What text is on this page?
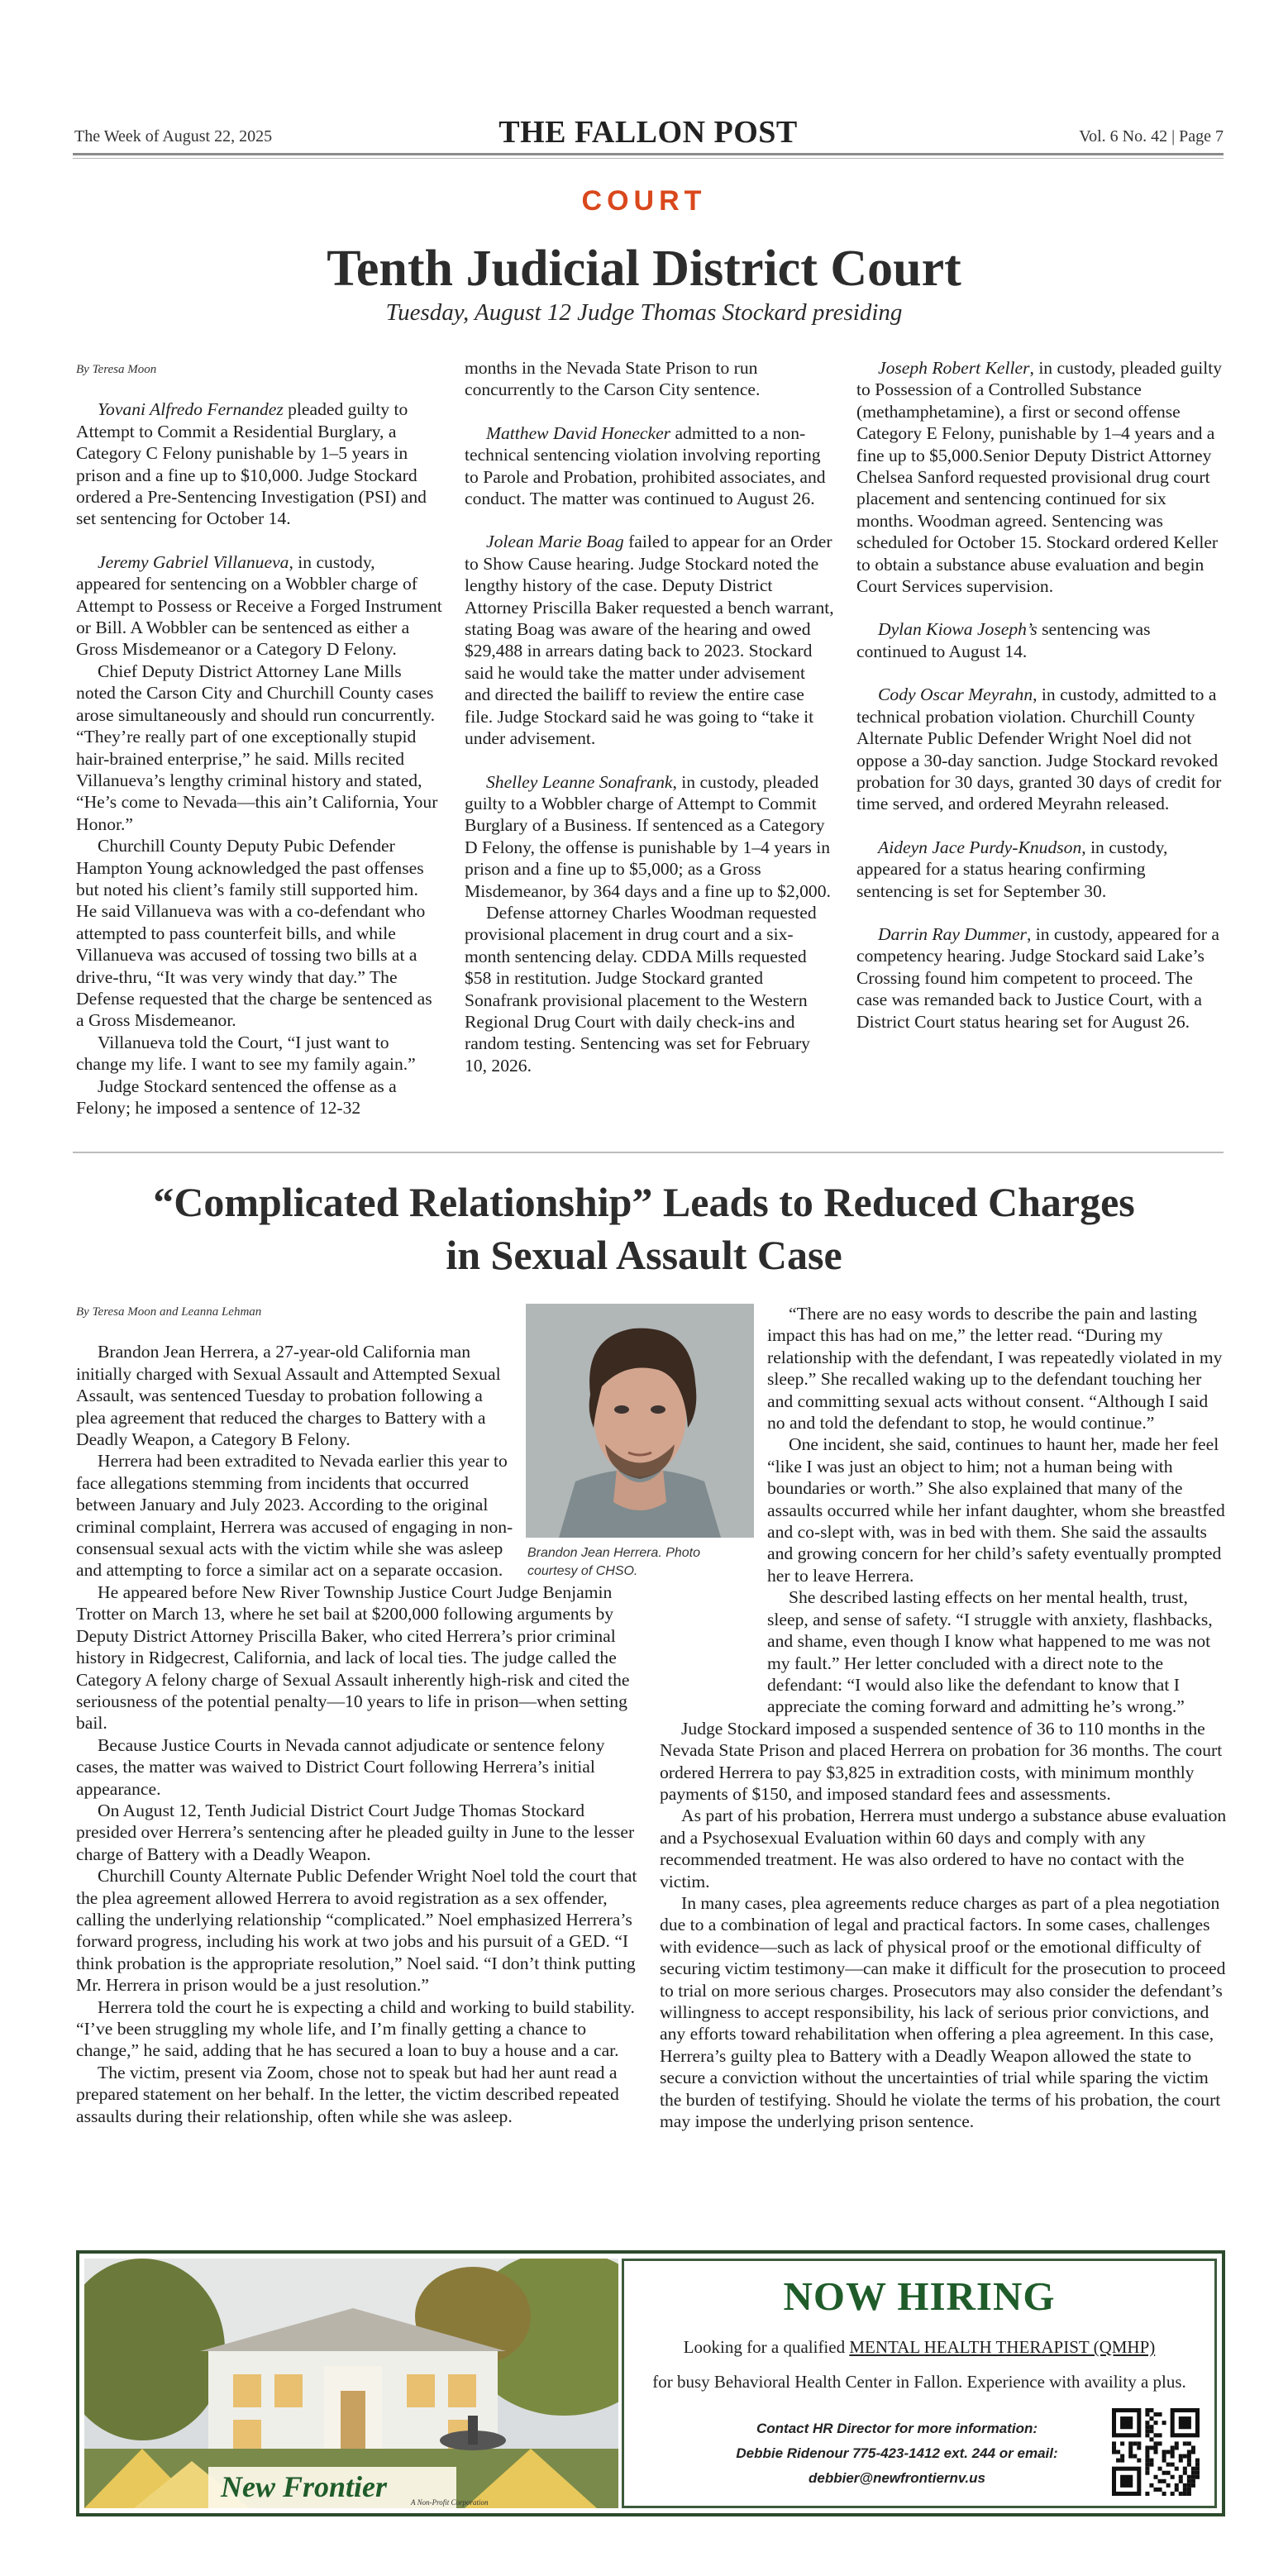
The Week of August 22, 2025	THE FALLON POST	Vol. 6 No. 42 | Page 7
COURT
Tenth Judicial District Court
Tuesday, August 12 Judge Thomas Stockard presiding
By Teresa Moon

Yovani Alfredo Fernandez pleaded guilty to Attempt to Commit a Residential Burglary, a Category C Felony punishable by 1–5 years in prison and a fine up to $10,000. Judge Stockard ordered a Pre-Sentencing Investigation (PSI) and set sentencing for October 14.

Jeremy Gabriel Villanueva, in custody, appeared for sentencing on a Wobbler charge of Attempt to Possess or Receive a Forged Instrument or Bill. A Wobbler can be sentenced as either a Gross Misdemeanor or a Category D Felony.

Chief Deputy District Attorney Lane Mills noted the Carson City and Churchill County cases arose simultaneously and should run concurrently. “They’re really part of one exceptionally stupid hair-brained enterprise,” he said. Mills recited Villanueva’s lengthy criminal history and stated, “He’s come to Nevada—this ain’t California, Your Honor.”

Churchill County Deputy Pubic Defender Hampton Young acknowledged the past offenses but noted his client’s family still supported him. He said Villanueva was with a co-defendant who attempted to pass counterfeit bills, and while Villanueva was accused of tossing two bills at a drive-thru, “It was very windy that day.” The Defense requested that the charge be sentenced as a Gross Misdemeanor.

Villanueva told the Court, “I just want to change my life. I want to see my family again.”

Judge Stockard sentenced the offense as a Felony; he imposed a sentence of 12-32

months in the Nevada State Prison to run concurrently to the Carson City sentence.

Matthew David Honecker admitted to a non-technical sentencing violation involving reporting to Parole and Probation, prohibited associates, and conduct. The matter was continued to August 26.

Jolean Marie Boag failed to appear for an Order to Show Cause hearing. Judge Stockard noted the lengthy history of the case. Deputy District Attorney Priscilla Baker requested a bench warrant, stating Boag was aware of the hearing and owed $29,488 in arrears dating back to 2023. Stockard said he would take the matter under advisement and directed the bailiff to review the entire case file. Judge Stockard said he was going to “take it under advisement.

Shelley Leanne Sonafrank, in custody, pleaded guilty to a Wobbler charge of Attempt to Commit Burglary of a Business. If sentenced as a Category D Felony, the offense is punishable by 1–4 years in prison and a fine up to $5,000; as a Gross Misdemeanor, by 364 days and a fine up to $2,000.

Defense attorney Charles Woodman requested provisional placement in drug court and a six-month sentencing delay. CDDA Mills requested $58 in restitution. Judge Stockard granted Sonafrank provisional placement to the Western Regional Drug Court with daily check-ins and random testing. Sentencing was set for February 10, 2026.

Joseph Robert Keller, in custody, pleaded guilty to Possession of a Controlled Substance (methamphetamine), a first or second offense Category E Felony, punishable by 1–4 years and a fine up to $5,000.Senior Deputy District Attorney Chelsea Sanford requested provisional drug court placement and sentencing continued for six months. Woodman agreed. Sentencing was scheduled for October 15. Stockard ordered Keller to obtain a substance abuse evaluation and begin Court Services supervision.

Dylan Kiowa Joseph’s sentencing was continued to August 14.

Cody Oscar Meyrahn, in custody, admitted to a technical probation violation. Churchill County Alternate Public Defender Wright Noel did not oppose a 30-day sanction. Judge Stockard revoked probation for 30 days, granted 30 days of credit for time served, and ordered Meyrahn released.

Aideyn Jace Purdy-Knudson, in custody, appeared for a status hearing confirming sentencing is set for September 30.

Darrin Ray Dummer, in custody, appeared for a competency hearing. Judge Stockard said Lake’s Crossing found him competent to proceed. The case was remanded back to Justice Court, with a District Court status hearing set for August 26.

“Complicated Relationship” Leads to Reduced Charges
in Sexual Assault Case
By Teresa Moon and Leanna Lehman

Brandon Jean Herrera, a 27-year-old California man initially charged with Sexual Assault and Attempted Sexual Assault, was sentenced Tuesday to probation following a plea agreement that reduced the charges to Battery with a Deadly Weapon, a Category B Felony.

Herrera had been extradited to Nevada earlier this year to face allegations stemming from incidents that occurred between January and July 2023. According to the original criminal complaint, Herrera was accused of engaging in non-consensual sexual acts with the victim while she was asleep and attempting to force a similar act on a separate occasion.

He appeared before New River Township Justice Court Judge Benjamin Trotter on March 13, where he set bail at $200,000 following arguments by Deputy District Attorney Priscilla Baker, who cited Herrera’s prior criminal history in Ridgecrest, California, and lack of local ties. The judge called the Category A felony charge of Sexual Assault inherently high-risk and cited the seriousness of the potential penalty—10 years to life in prison—when setting bail.

Because Justice Courts in Nevada cannot adjudicate or sentence felony cases, the matter was waived to District Court following Herrera’s initial appearance.

On August 12, Tenth Judicial District Court Judge Thomas Stockard presided over Herrera’s sentencing after he pleaded guilty in June to the lesser charge of Battery with a Deadly Weapon.

Churchill County Alternate Public Defender Wright Noel told the court that the plea agreement allowed Herrera to avoid registration as a sex offender, calling the underlying relationship “complicated.” Noel emphasized Herrera’s forward progress, including his work at two jobs and his pursuit of a GED. “I think probation is the appropriate resolution,” Noel said. “I don’t think putting Mr. Herrera in prison would be a just resolution.”

Herrera told the court he is expecting a child and working to build stability. “I’ve been struggling my whole life, and I’m finally getting a chance to change,” he said, adding that he has secured a loan to buy a house and a car.

The victim, present via Zoom, chose not to speak but had her aunt read a prepared statement on her behalf. In the letter, the victim described repeated assaults during their relationship, often while she was asleep.

Brandon Jean Herrera. Photo courtesy of CHSO.

“There are no easy words to describe the pain and lasting impact this has had on me,” the letter read. “During my relationship with the defendant, I was repeatedly violated in my sleep.” She recalled waking up to the defendant touching her and committing sexual acts without consent. “Although I said no and told the defendant to stop, he would continue.”

One incident, she said, continues to haunt her, made her feel “like I was just an object to him; not a human being with boundaries or worth.” She also explained that many of the assaults occurred while her infant daughter, whom she breastfed and co-slept with, was in bed with them. She said the assaults and growing concern for her child’s safety eventually prompted her to leave Herrera.

She described lasting effects on her mental health, trust, sleep, and sense of safety. “I struggle with anxiety, flashbacks, and shame, even though I know what happened to me was not my fault.” Her letter concluded with a direct note to the defendant: “I would also like the defendant to know that I appreciate the coming forward and admitting he’s wrong.”

Judge Stockard imposed a suspended sentence of 36 to 110 months in the Nevada State Prison and placed Herrera on probation for 36 months. The court ordered Herrera to pay $3,825 in extradition costs, with minimum monthly payments of $150, and imposed standard fees and assessments.

As part of his probation, Herrera must undergo a substance abuse evaluation and a Psychosexual Evaluation within 60 days and comply with any recommended treatment. He was also ordered to have no contact with the victim.

In many cases, plea agreements reduce charges as part of a plea negotiation due to a combination of legal and practical factors. In some cases, challenges with evidence—such as lack of physical proof or the emotional difficulty of securing victim testimony—can make it difficult for the prosecution to proceed to trial on more serious charges. Prosecutors may also consider the defendant’s willingness to accept responsibility, his lack of serious prior convictions, and any efforts toward rehabilitation when offering a plea agreement. In this case, Herrera’s guilty plea to Battery with a Deadly Weapon allowed the state to secure a conviction without the uncertainties of trial while sparing the victim the burden of testifying. Should he violate the terms of his probation, the court may impose the underlying prison sentence.

New Frontier	A Non-Profit Corporation
NOW HIRING
Looking for a qualified MENTAL HEALTH THERAPIST (QMHP)
for busy Behavioral Health Center in Fallon. Experience with availity a plus.
Contact HR Director for more information:
Debbie Ridenour 775-423-1412 ext. 244 or email:
debbier@newfrontiernv.us
